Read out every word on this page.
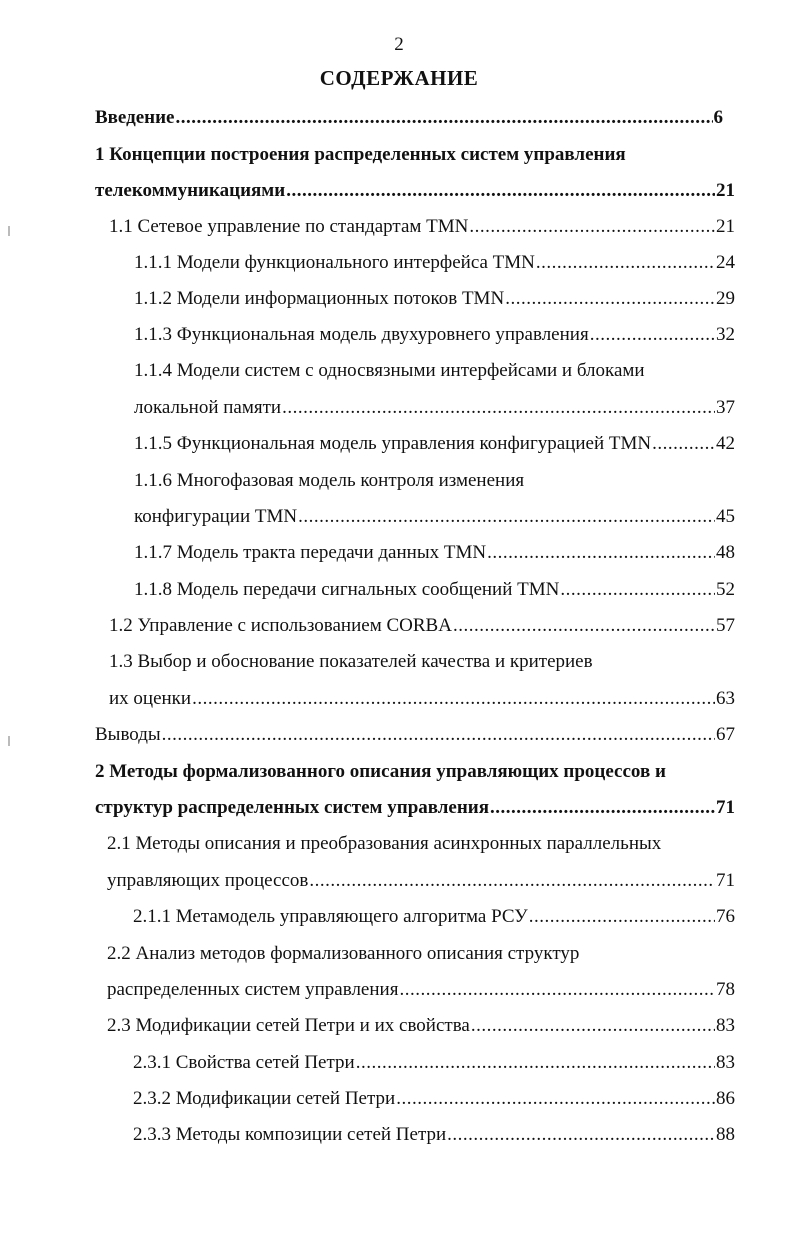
2
СОДЕРЖАНИЕ
Введение .....	6
1 Концепции построения распределенных систем управления
телекоммуникациями .....	21
1.1 Сетевое управление по стандартам TMN .....	21
1.1.1 Модели функционального интерфейса TMN .....	24
1.1.2 Модели информационных потоков TMN .....	29
1.1.3 Функциональная модель двухуровнего управления .....	32
1.1.4 Модели систем с односвязными интерфейсами и блоками
локальной памяти .....	37
1.1.5 Функциональная модель управления конфигурацией TMN .....	42
1.1.6 Многофазовая модель контроля изменения
конфигурации TMN .....	45
1.1.7 Модель тракта передачи данных TMN .....	48
1.1.8 Модель передачи сигнальных сообщений TMN .....	52
1.2 Управление с использованием CORBA .....	57
1.3 Выбор и обоснование показателей качества и критериев
их оценки .....	63
Выводы .....	67
2 Методы формализованного описания управляющих процессов и
структур распределенных систем управления .....	71
2.1 Методы описания и преобразования асинхронных параллельных
управляющих процессов .....	71
2.1.1 Метамодель управляющего алгоритма РСУ .....	76
2.2 Анализ методов формализованного описания структур
распределенных систем управления .....	78
2.3 Модификации сетей Петри и их свойства .....	83
2.3.1 Свойства сетей Петри .....	83
2.3.2 Модификации сетей Петри .....	86
2.3.3 Методы композиции сетей Петри .....	88
